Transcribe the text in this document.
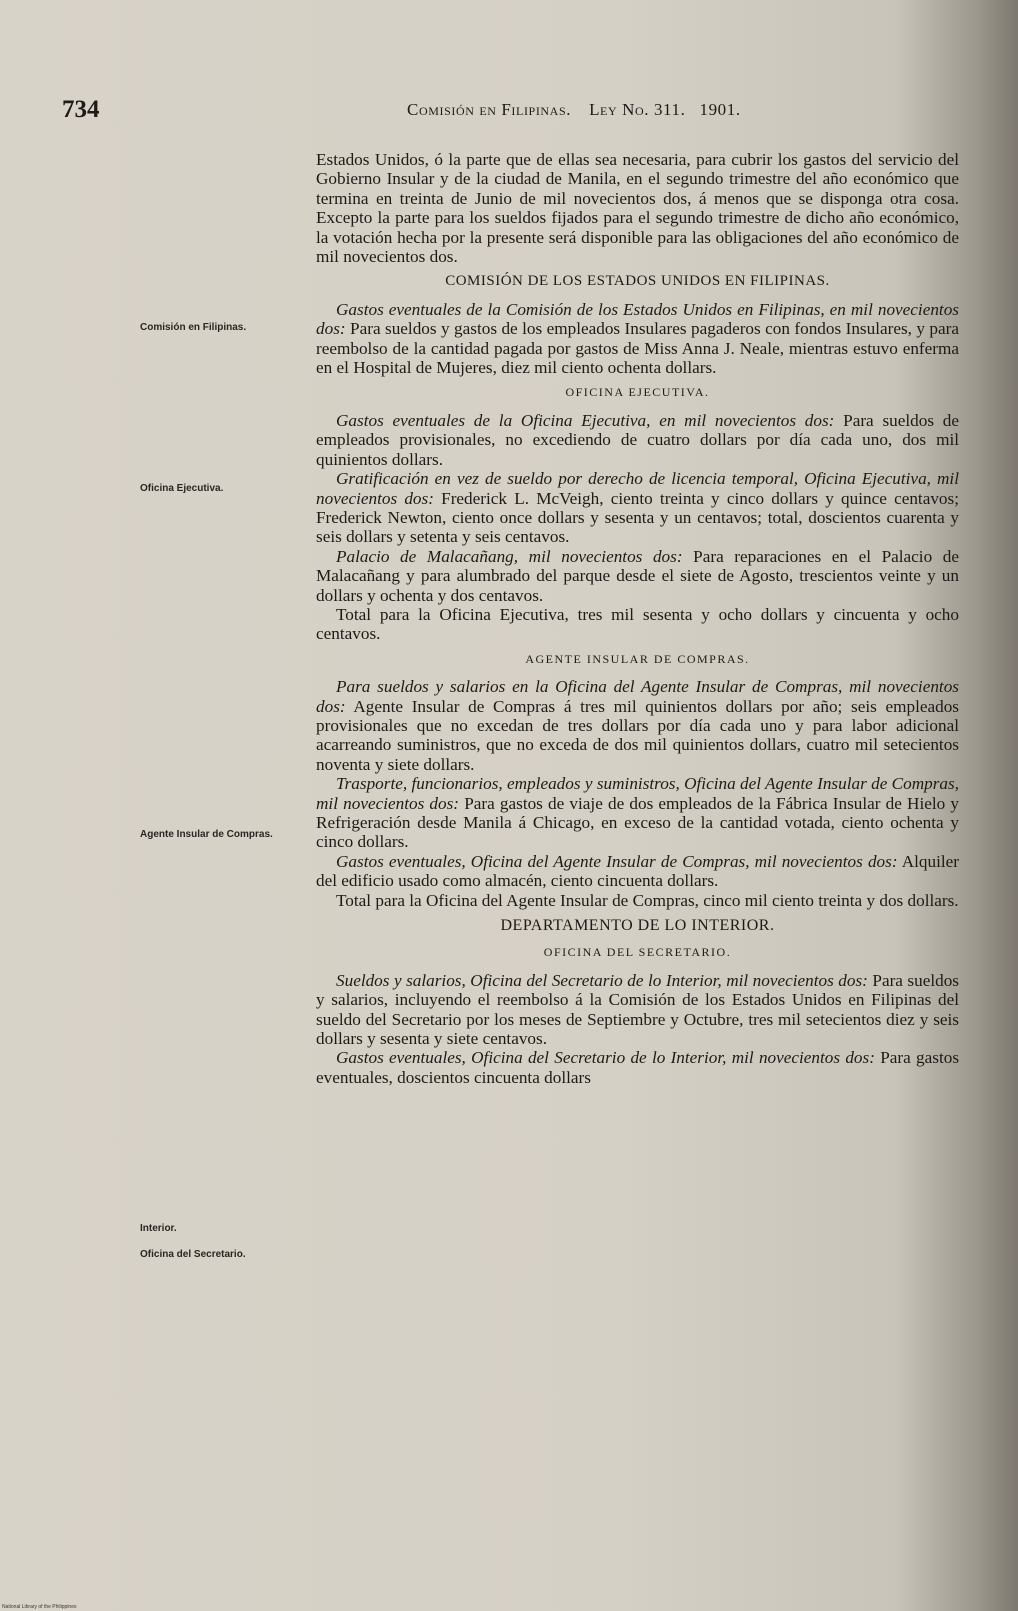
734	Comisión en Filipinas. Ley No. 311. 1901.
Comisión en Filipinas.
Oficina Ejecutiva.
Agente Insular de Compras.
Interior.
Oficina del Secretario.

Estados Unidos, ó la parte que de ellas sea necesaria, para cubrir los gastos del servicio del Gobierno Insular y de la ciudad de Manila, en el segundo trimestre del año económico que termina en treinta de Junio de mil novecientos dos, á menos que se disponga otra cosa. Excepto la parte para los sueldos fijados para el segundo trimestre de dicho año económico, la votación hecha por la presente será disponible para las obligaciones del año económico de mil novecientos dos.

COMISIÓN DE LOS ESTADOS UNIDOS EN FILIPINAS.

Gastos eventuales de la Comisión de los Estados Unidos en Filipinas, en mil novecientos dos: Para sueldos y gastos de los empleados Insulares pagaderos con fondos Insulares, y para reembolso de la cantidad pagada por gastos de Miss Anna J. Neale, mientras estuvo enferma en el Hospital de Mujeres, diez mil ciento ochenta dollars.

OFICINA EJECUTIVA.

Gastos eventuales de la Oficina Ejecutiva, en mil novecientos dos: Para sueldos de empleados provisionales, no excediendo de cuatro dollars por día cada uno, dos mil quinientos dollars.

Gratificación en vez de sueldo por derecho de licencia temporal, Oficina Ejecutiva, mil novecientos dos: Frederick L. McVeigh, ciento treinta y cinco dollars y quince centavos; Frederick Newton, ciento once dollars y sesenta y un centavos; total, doscientos cuarenta y seis dollars y setenta y seis centavos.

Palacio de Malacañang, mil novecientos dos: Para reparaciones en el Palacio de Malacañang y para alumbrado del parque desde el siete de Agosto, trescientos veinte y un dollars y ochenta y dos centavos.

Total para la Oficina Ejecutiva, tres mil sesenta y ocho dollars y cincuenta y ocho centavos.

AGENTE INSULAR DE COMPRAS.

Para sueldos y salarios en la Oficina del Agente Insular de Compras, mil novecientos dos: Agente Insular de Compras á tres mil quinientos dollars por año; seis empleados provisionales que no excedan de tres dollars por día cada uno y para labor adicional acarreando suministros, que no exceda de dos mil quinientos dollars, cuatro mil setecientos noventa y siete dollars.

Trasporte, funcionarios, empleados y suministros, Oficina del Agente Insular de Compras, mil novecientos dos: Para gastos de viaje de dos empleados de la Fábrica Insular de Hielo y Refrigeración desde Manila á Chicago, en exceso de la cantidad votada, ciento ochenta y cinco dollars.

Gastos eventuales, Oficina del Agente Insular de Compras, mil novecientos dos: Alquiler del edificio usado como almacén, ciento cincuenta dollars.

Total para la Oficina del Agente Insular de Compras, cinco mil ciento treinta y dos dollars.

DEPARTAMENTO DE LO INTERIOR.
OFICINA DEL SECRETARIO.

Sueldos y salarios, Oficina del Secretario de lo Interior, mil novecientos dos: Para sueldos y salarios, incluyendo el reembolso á la Comisión de los Estados Unidos en Filipinas del sueldo del Secretario por los meses de Septiembre y Octubre, tres mil setecientos diez y seis dollars y sesenta y siete centavos.

Gastos eventuales, Oficina del Secretario de lo Interior, mil novecientos dos: Para gastos eventuales, doscientos cincuenta dollars

National Library of the Philippines
